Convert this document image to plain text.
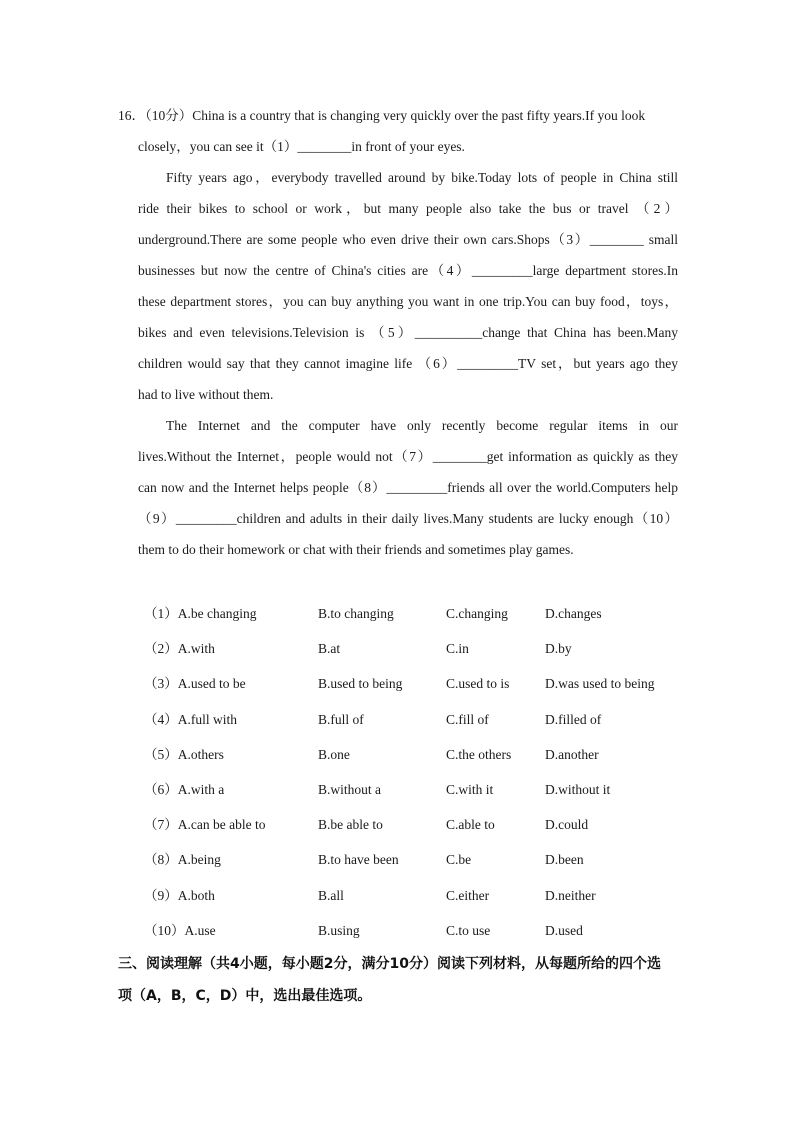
16．（10分）China is a country that is changing very quickly over the past fifty years.If you look
closely，you can see it（1）________in front of your eyes.
Fifty years ago，everybody travelled around by bike.Today lots of people in China still
ride their bikes to school or work，but many people also take the bus or travel （2）
underground.There are some people who even drive their own cars.Shops（3）________ small
businesses but now the centre of China's cities are（4）_________large department stores.In
these department stores，you can buy anything you want in one trip.You can buy food，toys，
bikes and even televisions.Television is （5）__________change that China has been.Many
children would say that they cannot imagine life （6）_________TV set，but years ago they
had to live without them.
The Internet and the computer have only recently become regular items in our
lives.Without the Internet，people would not（7）________get information as quickly as they
can now and the Internet helps people（8）_________friends all over the world.Computers help
（9）_________children and adults in their daily lives.Many students are lucky enough（10）
them to do their homework or chat with their friends and sometimes play games.
（1）A.be changing	B.to changing	C.changing	D.changes
（2）A.with	B.at	C.in	D.by
（3）A.used to be	B.used to being	C.used to is	D.was used to being
（4）A.full with	B.full of	C.fill of	D.filled of
（5）A.others	B.one	C.the others	D.another
（6）A.with a	B.without a	C.with it	D.without it
（7）A.can be able to	B.be able to	C.able to	D.could
（8）A.being	B.to have been	C.be	D.been
（9）A.both	B.all	C.either	D.neither
（10）A.use	B.using	C.to use	D.used
三、阅读理解（共4小题，每小题2分，满分10分）阅读下列材料，从每题所给的四个选
项（A，B，C，D）中，选出最佳选项。
